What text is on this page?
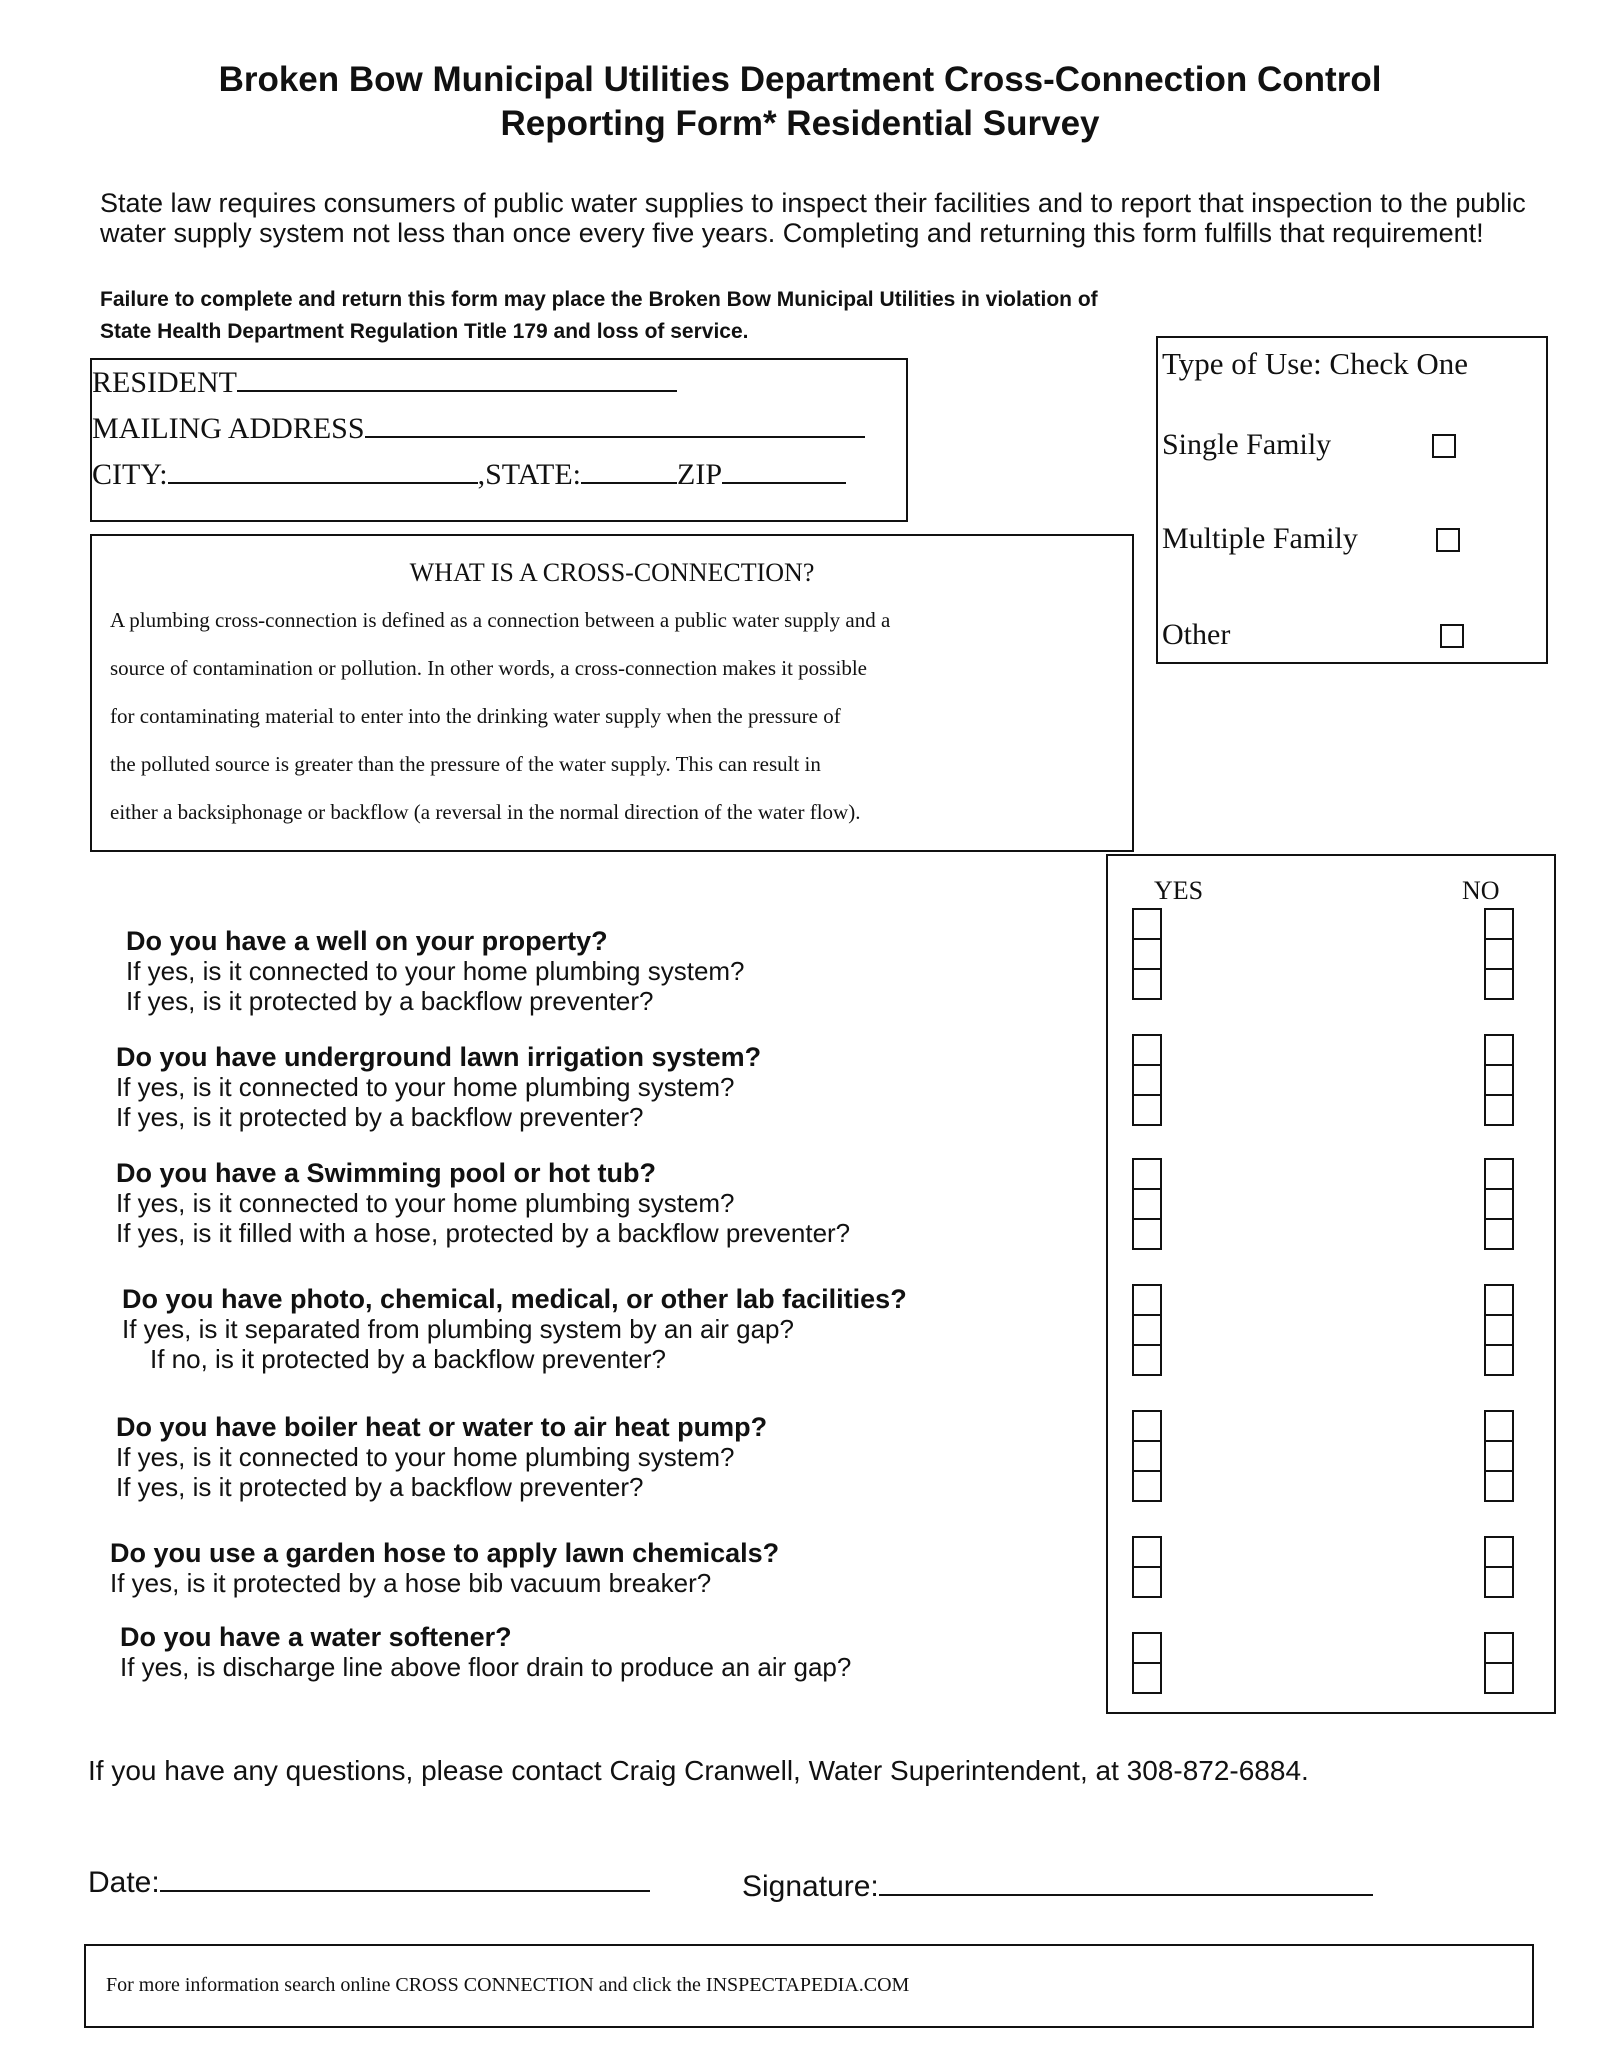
Broken Bow Municipal Utilities Department Cross-Connection Control
Reporting Form* Residential Survey
State law requires consumers of public water supplies to inspect their facilities and to report that inspection to the public water supply system not less than once every five years. Completing and returning this form fulfills that requirement!
Failure to complete and return this form may place the Broken Bow Municipal Utilities in violation of
State Health Department Regulation Title 179 and loss of service.
RESIDENT
MAILING ADDRESS
CITY:	,STATE:	ZIP
Type of Use: Check One
Single Family
Multiple Family
Other
WHAT IS A CROSS-CONNECTION?
A plumbing cross-connection is defined as a connection between a public water supply and a
source of contamination or pollution. In other words, a cross-connection makes it possible
for contaminating material to enter into the drinking water supply when the pressure of
the polluted source is greater than the pressure of the water supply. This can result in
either a backsiphonage or backflow (a reversal in the normal direction of the water flow).
YES	NO
Do you have a well on your property?
If yes, is it connected to your home plumbing system?
If yes, is it protected by a backflow preventer?
Do you have underground lawn irrigation system?
If yes, is it connected to your home plumbing system?
If yes, is it protected by a backflow preventer?
Do you have a Swimming pool or hot tub?
If yes, is it connected to your home plumbing system?
If yes, is it filled with a hose, protected by a backflow preventer?
Do you have photo, chemical, medical, or other lab facilities?
If yes, is it separated from plumbing system by an air gap?
If no, is it protected by a backflow preventer?
Do you have boiler heat or water to air heat pump?
If yes, is it connected to your home plumbing system?
If yes, is it protected by a backflow preventer?
Do you use a garden hose to apply lawn chemicals?
If yes, is it protected by a hose bib vacuum breaker?
Do you have a water softener?
If yes, is discharge line above floor drain to produce an air gap?
If you have any questions, please contact Craig Cranwell, Water Superintendent, at 308-872-6884.
Date:	Signature:
For more information search online CROSS CONNECTION and click the INSPECTAPEDIA.COM
